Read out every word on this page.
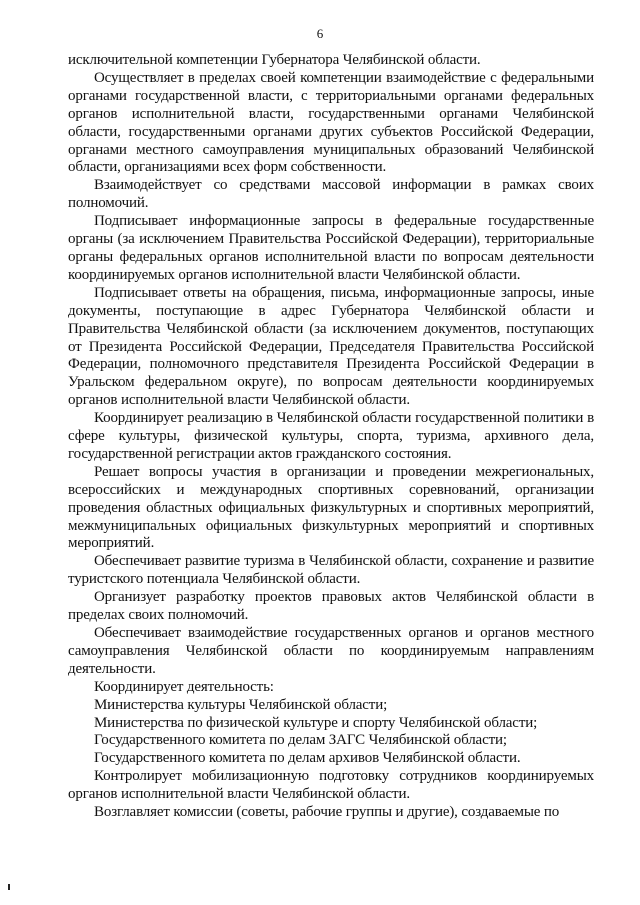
6

исключительной компетенции Губернатора Челябинской области.

Осуществляет в пределах своей компетенции взаимодействие с федеральными органами государственной власти, с территориальными органами федеральных органов исполнительной власти, государственными органами Челябинской области, государственными органами других субъектов Российской Федерации, органами местного самоуправления муниципальных образований Челябинской области, организациями всех форм собственности.

Взаимодействует со средствами массовой информации в рамках своих полномочий.

Подписывает информационные запросы в федеральные государственные органы (за исключением Правительства Российской Федерации), территориальные органы федеральных органов исполнительной власти по вопросам деятельности координируемых органов исполнительной власти Челябинской области.

Подписывает ответы на обращения, письма, информационные запросы, иные документы, поступающие в адрес Губернатора Челябинской области и Правительства Челябинской области (за исключением документов, поступающих от Президента Российской Федерации, Председателя Правительства Российской Федерации, полномочного представителя Президента Российской Федерации в Уральском федеральном округе), по вопросам деятельности координируемых органов исполнительной власти Челябинской области.

Координирует реализацию в Челябинской области государственной политики в сфере культуры, физической культуры, спорта, туризма, архивного дела, государственной регистрации актов гражданского состояния.

Решает вопросы участия в организации и проведении межрегиональных, всероссийских и международных спортивных соревнований, организации проведения областных официальных физкультурных и спортивных мероприятий, межмуниципальных официальных физкультурных мероприятий и спортивных мероприятий.

Обеспечивает развитие туризма в Челябинской области, сохранение и развитие туристского потенциала Челябинской области.

Организует разработку проектов правовых актов Челябинской области в пределах своих полномочий.

Обеспечивает взаимодействие государственных органов и органов местного самоуправления Челябинской области по координируемым направлениям деятельности.

Координирует деятельность:

Министерства культуры Челябинской области;

Министерства по физической культуре и спорту Челябинской области;

Государственного комитета по делам ЗАГС Челябинской области;

Государственного комитета по делам архивов Челябинской области.

Контролирует мобилизационную подготовку сотрудников координируемых органов исполнительной власти Челябинской области.

Возглавляет комиссии (советы, рабочие группы и другие), создаваемые по
